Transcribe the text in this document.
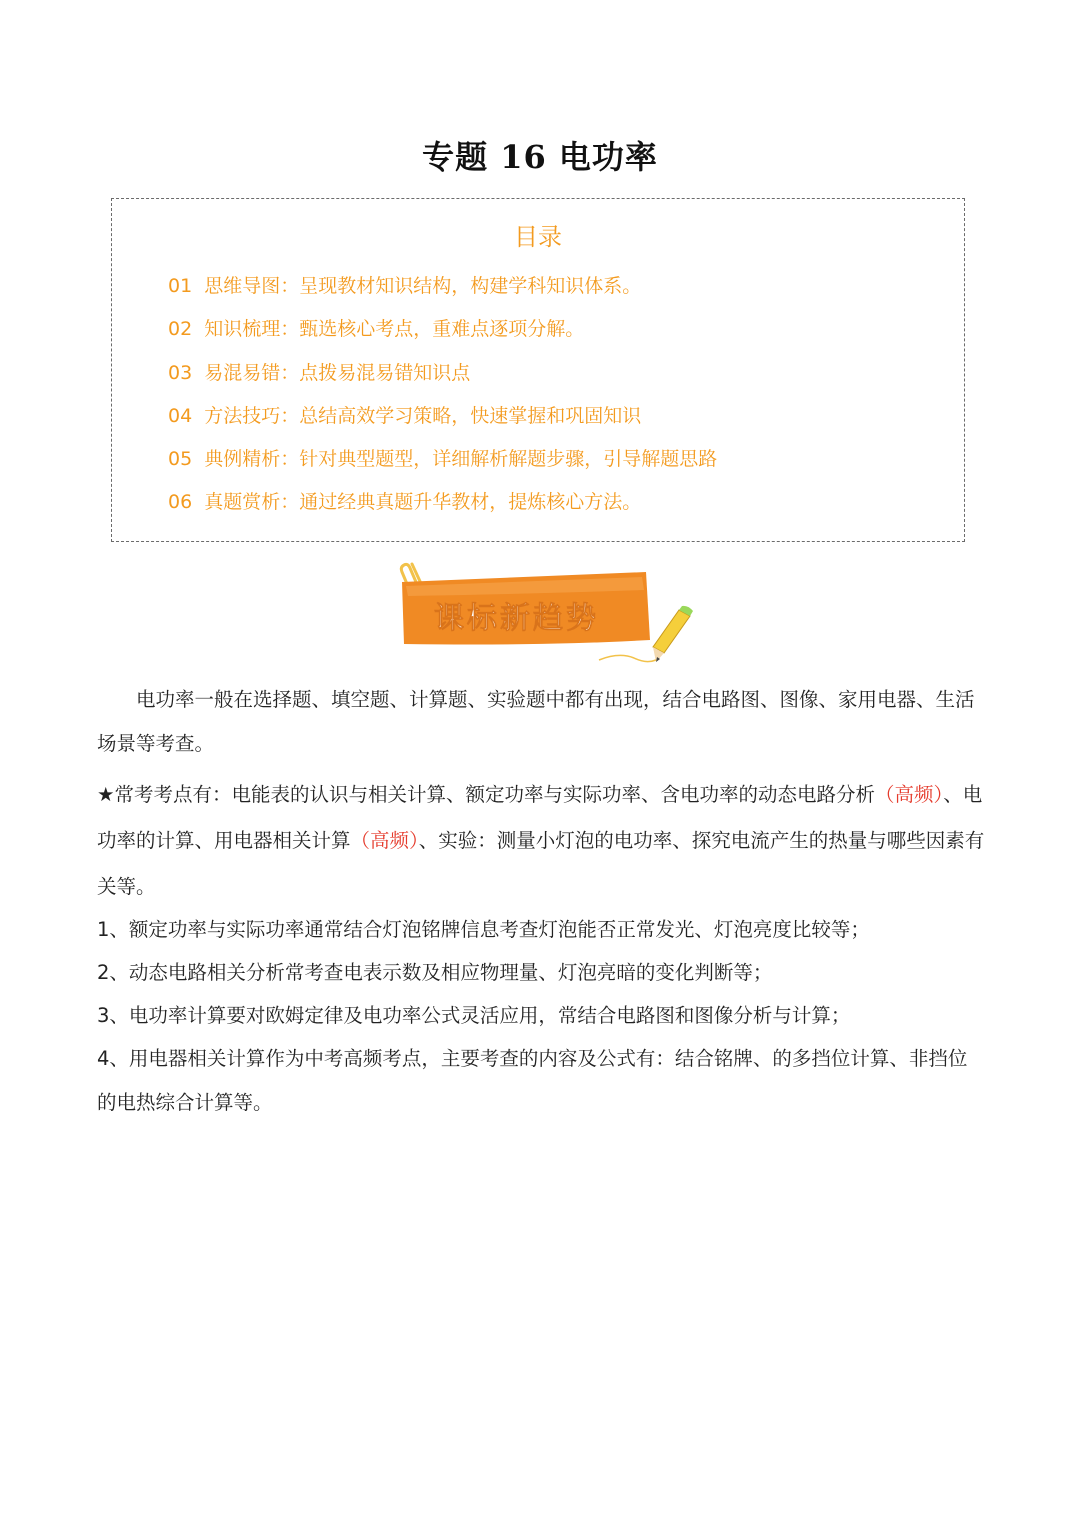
专题 16 电功率
目录
01 思维导图：呈现教材知识结构，构建学科知识体系。
02 知识梳理：甄选核心考点，重难点逐项分解。
03 易混易错：点拨易混易错知识点
04 方法技巧：总结高效学习策略，快速掌握和巩固知识
05 典例精析：针对典型题型，详细解析解题步骤，引导解题思路
06 真题赏析：通过经典真题升华教材，提炼核心方法。
课标新趋势
电功率一般在选择题、填空题、计算题、实验题中都有出现，结合电路图、图像、家用电器、生活场景等考查。
★常考考点有：电能表的认识与相关计算、额定功率与实际功率、含电功率的动态电路分析（高频）、电功率的计算、用电器相关计算（高频）、实验：测量小灯泡的电功率、探究电流产生的热量与哪些因素有关等。
1、额定功率与实际功率通常结合灯泡铭牌信息考查灯泡能否正常发光、灯泡亮度比较等；
2、动态电路相关分析常考查电表示数及相应物理量、灯泡亮暗的变化判断等；
3、电功率计算要对欧姆定律及电功率公式灵活应用，常结合电路图和图像分析与计算；
4、用电器相关计算作为中考高频考点，主要考查的内容及公式有：结合铭牌、的多挡位计算、非挡位的电热综合计算等。
